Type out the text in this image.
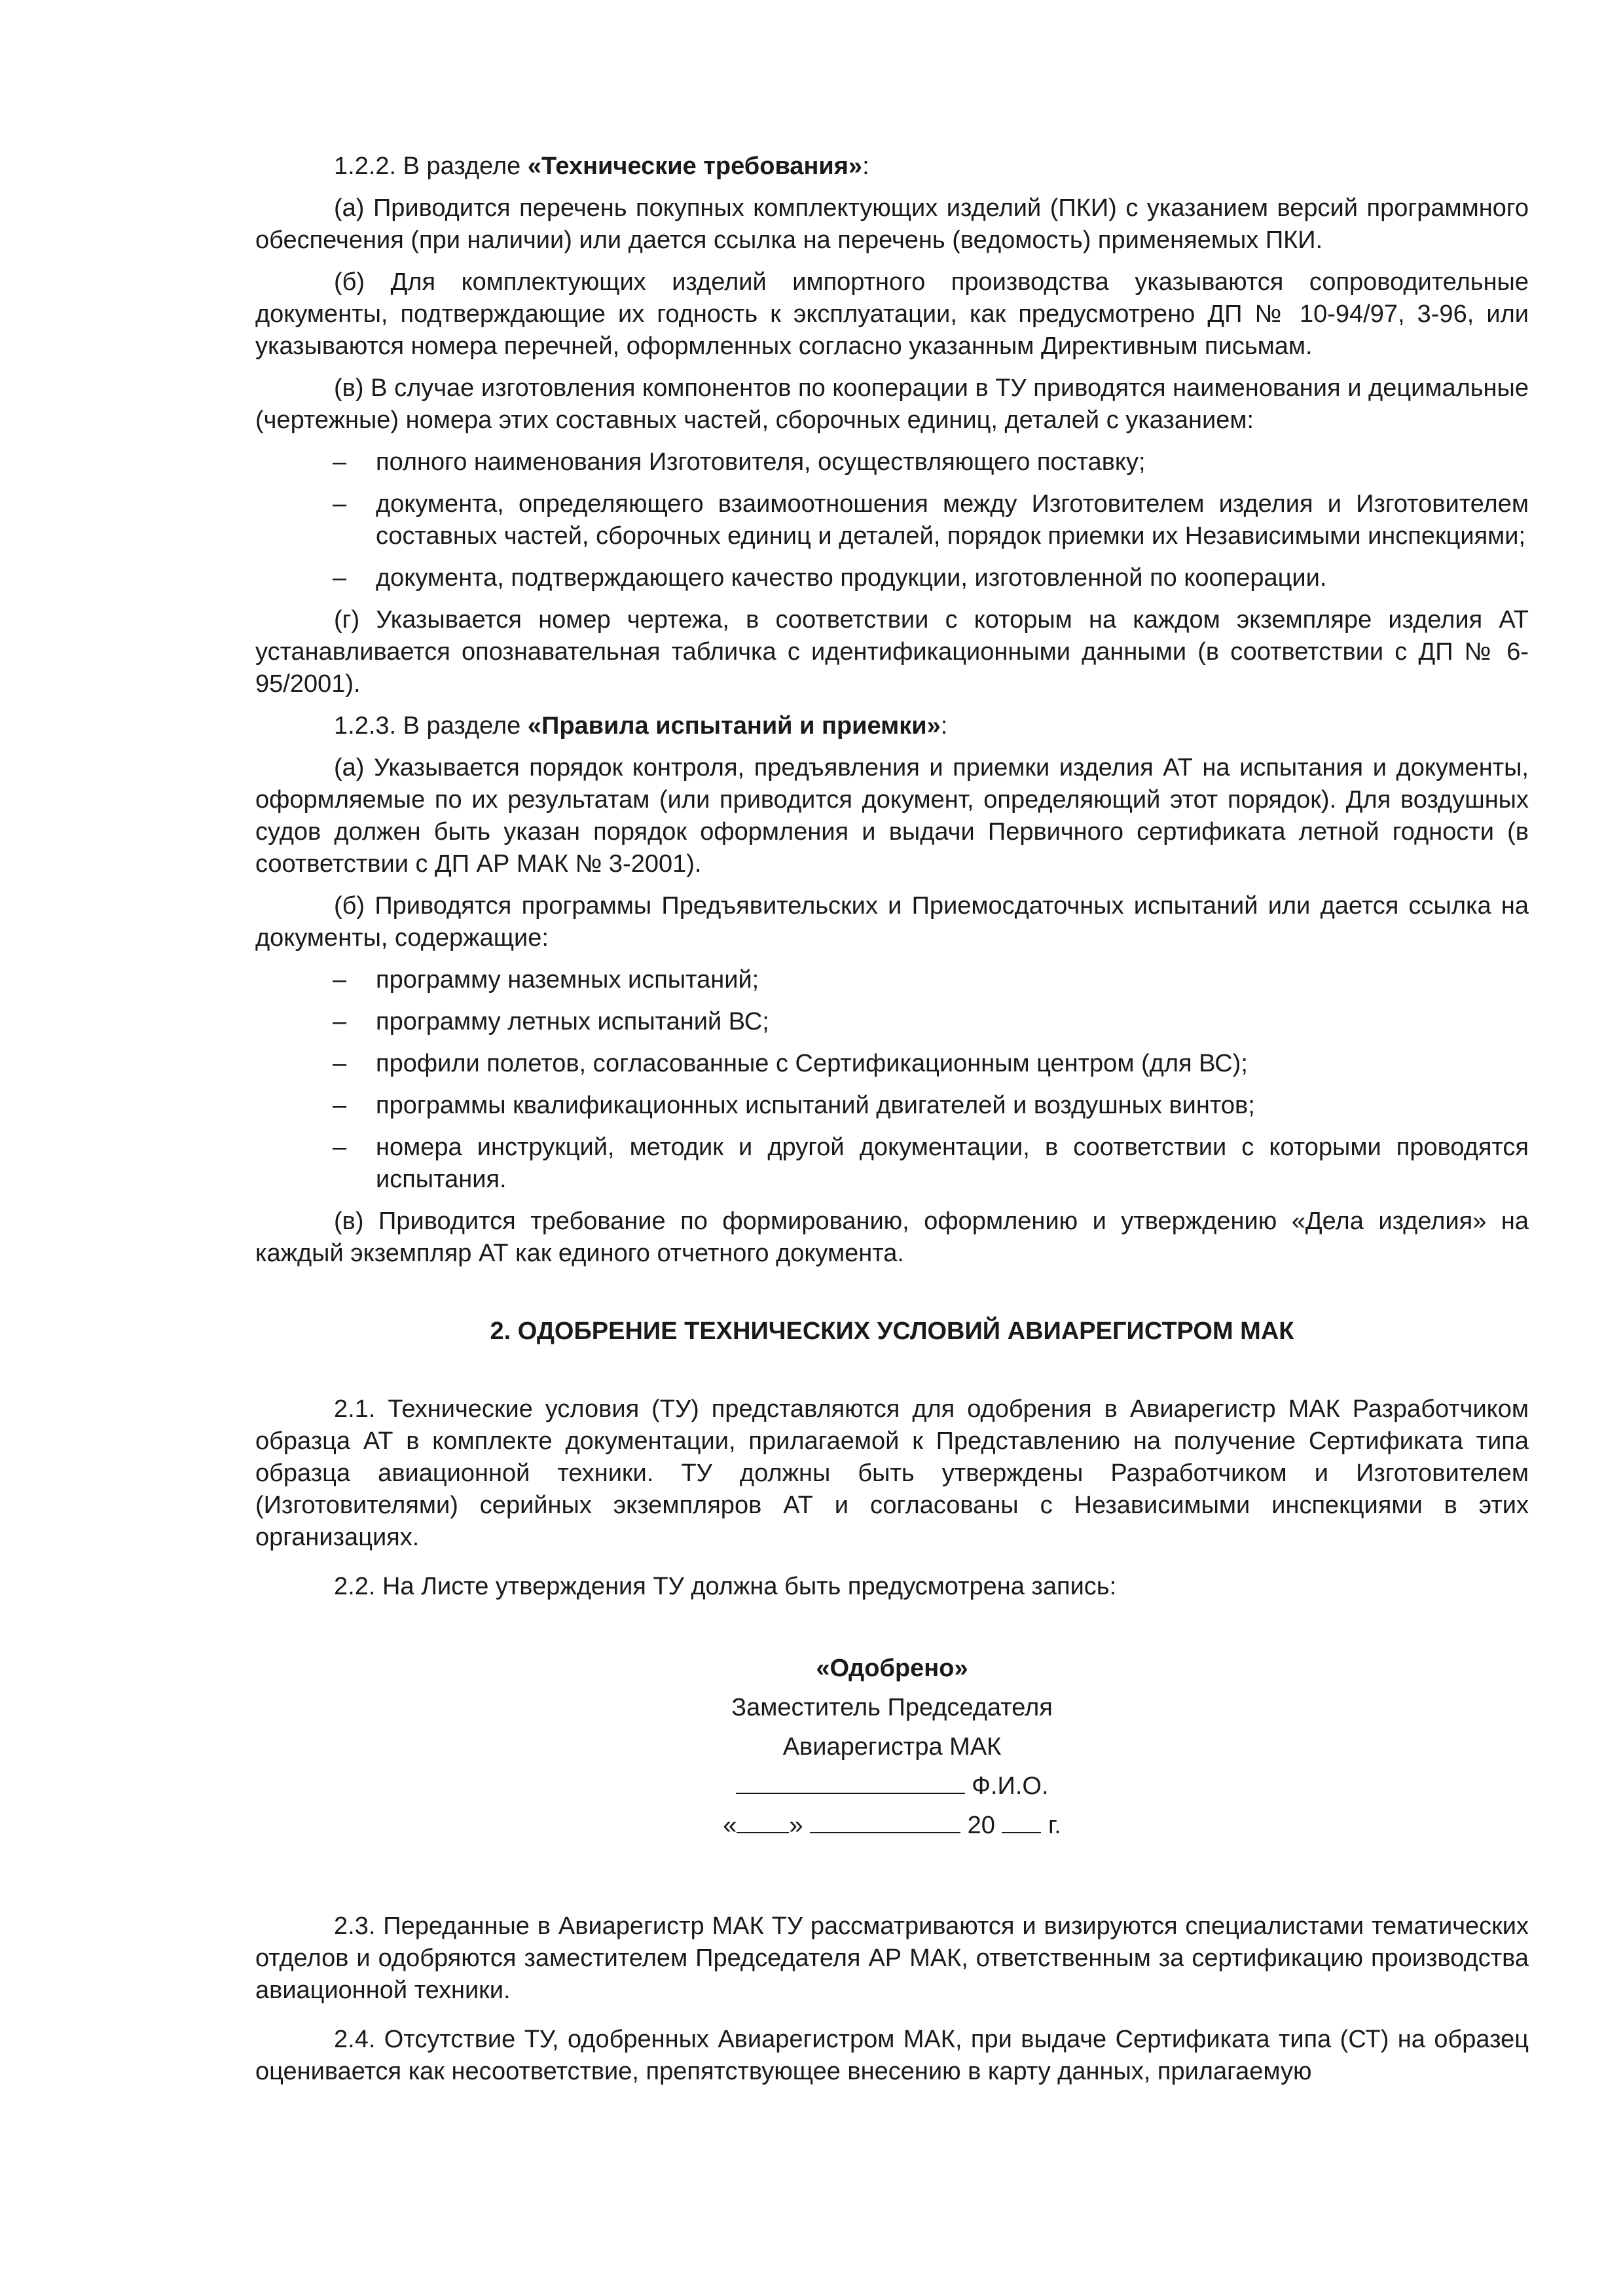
1.2.2. В разделе «Технические требования»:

(а) Приводится перечень покупных комплектующих изделий (ПКИ) с указанием версий программного обеспечения (при наличии) или дается ссылка на перечень (ведомость) применяемых ПКИ.

(б) Для комплектующих изделий импортного производства указываются сопроводительные документы, подтверждающие их годность к эксплуатации, как предусмотрено ДП № 10-94/97, 3-96, или указываются номера перечней, оформленных согласно указанным Директивным письмам.

(в) В случае изготовления компонентов по кооперации в ТУ приводятся наименования и децимальные (чертежные) номера этих составных частей, сборочных единиц, деталей с указанием:

– полного наименования Изготовителя, осуществляющего поставку;
– документа, определяющего взаимоотношения между Изготовителем изделия и Изготовителем составных частей, сборочных единиц и деталей, порядок приемки их Независимыми инспекциями;
– документа, подтверждающего качество продукции, изготовленной по кооперации.

(г) Указывается номер чертежа, в соответствии с которым на каждом экземпляре изделия АТ устанавливается опознавательная табличка с идентификационными данными (в соответствии с ДП № 6-95/2001).

1.2.3. В разделе «Правила испытаний и приемки»:

(а) Указывается порядок контроля, предъявления и приемки изделия АТ на испытания и документы, оформляемые по их результатам (или приводится документ, определяющий этот порядок). Для воздушных судов должен быть указан порядок оформления и выдачи Первичного сертификата летной годности (в соответствии с ДП АР МАК № 3-2001).

(б) Приводятся программы Предъявительских и Приемосдаточных испытаний или дается ссылка на документы, содержащие:

– программу наземных испытаний;
– программу летных испытаний ВС;
– профили полетов, согласованные с Сертификационным центром (для ВС);
– программы квалификационных испытаний двигателей и воздушных винтов;
– номера инструкций, методик и другой документации, в соответствии с которыми проводятся испытания.

(в) Приводится требование по формированию, оформлению и утверждению «Дела изделия» на каждый экземпляр АТ как единого отчетного документа.

2. ОДОБРЕНИЕ ТЕХНИЧЕСКИХ УСЛОВИЙ АВИАРЕГИСТРОМ МАК

2.1. Технические условия (ТУ) представляются для одобрения в Авиарегистр МАК Разработчиком образца АТ в комплекте документации, прилагаемой к Представлению на получение Сертификата типа образца авиационной техники. ТУ должны быть утверждены Разработчиком и Изготовителем (Изготовителями) серийных экземпляров АТ и согласованы с Независимыми инспекциями в этих организациях.

2.2. На Листе утверждения ТУ должна быть предусмотрена запись:

«Одобрено»
Заместитель Председателя
Авиарегистра МАК
Ф.И.О.
« »	20 г.

2.3. Переданные в Авиарегистр МАК ТУ рассматриваются и визируются специалистами тематических отделов и одобряются заместителем Председателя АР МАК, ответственным за сертификацию производства авиационной техники.

2.4. Отсутствие ТУ, одобренных Авиарегистром МАК, при выдаче Сертификата типа (СТ) на образец оценивается как несоответствие, препятствующее внесению в карту данных, прилагаемую
